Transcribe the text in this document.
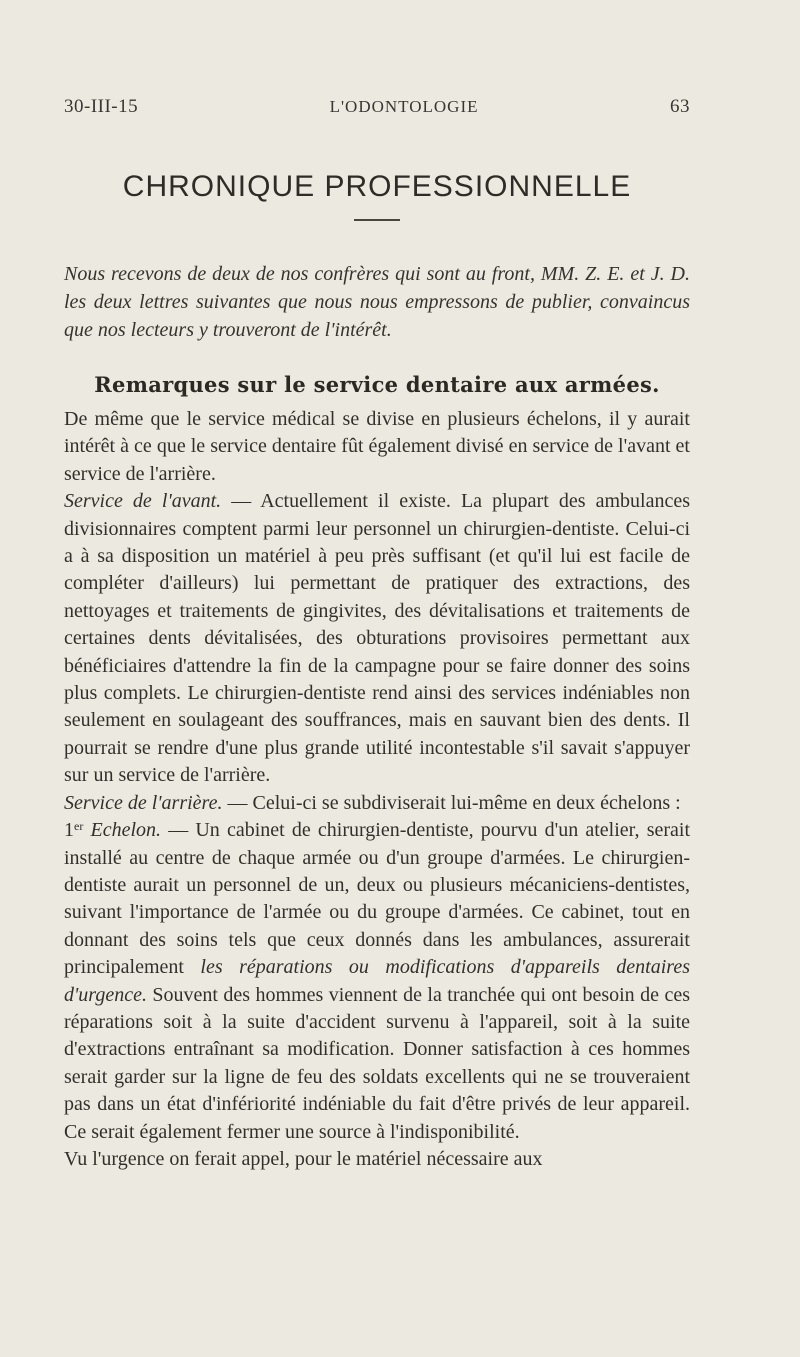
30-III-15	L'ODONTOLOGIE	63
CHRONIQUE PROFESSIONNELLE

Nous recevons de deux de nos confrères qui sont au front, MM. Z. E. et J. D. les deux lettres suivantes que nous nous empressons de publier, convaincus que nos lecteurs y trouveront de l'intérêt.

Remarques sur le service dentaire aux armées.

De même que le service médical se divise en plusieurs échelons, il y aurait intérêt à ce que le service dentaire fût également divisé en service de l'avant et service de l'arrière.

Service de l'avant. — Actuellement il existe. La plupart des ambulances divisionnaires comptent parmi leur personnel un chirurgien-dentiste. Celui-ci a à sa disposition un matériel à peu près suffisant (et qu'il lui est facile de compléter d'ailleurs) lui permettant de pratiquer des extractions, des nettoyages et traitements de gingivites, des dévitalisations et traitements de certaines dents dévitalisées, des obturations provisoires permettant aux bénéficiaires d'attendre la fin de la campagne pour se faire donner des soins plus complets. Le chirurgien-dentiste rend ainsi des services indéniables non seulement en soulageant des souffrances, mais en sauvant bien des dents. Il pourrait se rendre d'une plus grande utilité incontestable s'il savait s'appuyer sur un service de l'arrière.

Service de l'arrière. — Celui-ci se subdiviserait lui-même en deux échelons :

1er Echelon. — Un cabinet de chirurgien-dentiste, pourvu d'un atelier, serait installé au centre de chaque armée ou d'un groupe d'armées. Le chirurgien-dentiste aurait un personnel de un, deux ou plusieurs mécaniciens-dentistes, suivant l'importance de l'armée ou du groupe d'armées. Ce cabinet, tout en donnant des soins tels que ceux donnés dans les ambulances, assurerait principalement les réparations ou modifications d'appareils dentaires d'urgence. Souvent des hommes viennent de la tranchée qui ont besoin de ces réparations soit à la suite d'accident survenu à l'appareil, soit à la suite d'extractions entraînant sa modification. Donner satisfaction à ces hommes serait garder sur la ligne de feu des soldats excellents qui ne se trouveraient pas dans un état d'infériorité indéniable du fait d'être privés de leur appareil. Ce serait également fermer une source à l'indisponibilité.

Vu l'urgence on ferait appel, pour le matériel nécessaire aux
